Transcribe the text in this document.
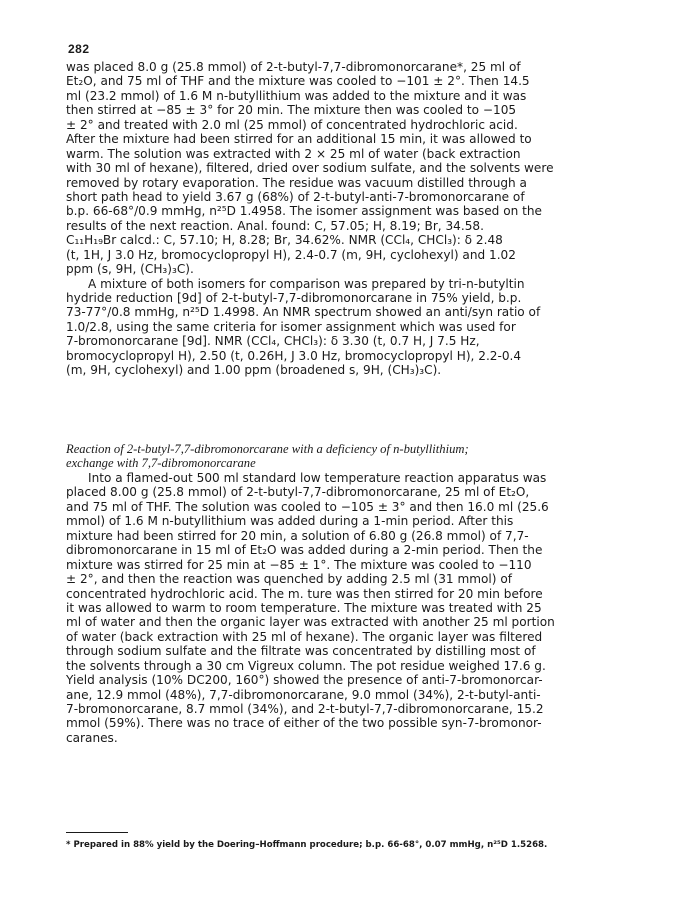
282
was placed 8.0 g (25.8 mmol) of 2-t-butyl-7,7-dibromonorcarane*, 25 ml of
Et₂O, and 75 ml of THF and the mixture was cooled to −101 ± 2°. Then 14.5
ml (23.2 mmol) of 1.6 M n-butyllithium was added to the mixture and it was
then stirred at −85 ± 3° for 20 min. The mixture then was cooled to −105
± 2° and treated with 2.0 ml (25 mmol) of concentrated hydrochloric acid.
After the mixture had been stirred for an additional 15 min, it was allowed to
warm. The solution was extracted with 2 × 25 ml of water (back extraction
with 30 ml of hexane), filtered, dried over sodium sulfate, and the solvents were
removed by rotary evaporation. The residue was vacuum distilled through a
short path head to yield 3.67 g (68%) of 2-t-butyl-anti-7-bromonorcarane of
b.p. 66-68°/0.9 mmHg, n²⁵D 1.4958. The isomer assignment was based on the
results of the next reaction. Anal. found: C, 57.05; H, 8.19; Br, 34.58.
C₁₁H₁₉Br calcd.: C, 57.10; H, 8.28; Br, 34.62%. NMR (CCl₄, CHCl₃): δ 2.48
(t, 1H, J 3.0 Hz, bromocyclopropyl H), 2.4-0.7 (m, 9H, cyclohexyl) and 1.02
ppm (s, 9H, (CH₃)₃C).
A mixture of both isomers for comparison was prepared by tri-n-butyltin
hydride reduction [9d] of 2-t-butyl-7,7-dibromonorcarane in 75% yield, b.p.
73-77°/0.8 mmHg, n²⁵D 1.4998. An NMR spectrum showed an anti/syn ratio of
1.0/2.8, using the same criteria for isomer assignment which was used for
7-bromonorcarane [9d]. NMR (CCl₄, CHCl₃): δ 3.30 (t, 0.7 H, J 7.5 Hz,
bromocyclopropyl H), 2.50 (t, 0.26H, J 3.0 Hz, bromocyclopropyl H), 2.2-0.4
(m, 9H, cyclohexyl) and 1.00 ppm (broadened s, 9H, (CH₃)₃C).
Reaction of 2-t-butyl-7,7-dibromonorcarane with a deficiency of n-butyllithium;
exchange with 7,7-dibromonorcarane
Into a flamed-out 500 ml standard low temperature reaction apparatus was
placed 8.00 g (25.8 mmol) of 2-t-butyl-7,7-dibromonorcarane, 25 ml of Et₂O,
and 75 ml of THF. The solution was cooled to −105 ± 3° and then 16.0 ml (25.6
mmol) of 1.6 M n-butyllithium was added during a 1-min period. After this
mixture had been stirred for 20 min, a solution of 6.80 g (26.8 mmol) of 7,7-
dibromonorcarane in 15 ml of Et₂O was added during a 2-min period. Then the
mixture was stirred for 25 min at −85 ± 1°. The mixture was cooled to −110
± 2°, and then the reaction was quenched by adding 2.5 ml (31 mmol) of
concentrated hydrochloric acid. The m. ture was then stirred for 20 min before
it was allowed to warm to room temperature. The mixture was treated with 25
ml of water and then the organic layer was extracted with another 25 ml portion
of water (back extraction with 25 ml of hexane). The organic layer was filtered
through sodium sulfate and the filtrate was concentrated by distilling most of
the solvents through a 30 cm Vigreux column. The pot residue weighed 17.6 g.
Yield analysis (10% DC200, 160°) showed the presence of anti-7-bromonorcar-
ane, 12.9 mmol (48%), 7,7-dibromonorcarane, 9.0 mmol (34%), 2-t-butyl-anti-
7-bromonorcarane, 8.7 mmol (34%), and 2-t-butyl-7,7-dibromonorcarane, 15.2
mmol (59%). There was no trace of either of the two possible syn-7-bromonor-
caranes.
* Prepared in 88% yield by the Doering–Hoffmann procedure; b.p. 66-68°, 0.07 mmHg, n²⁵D 1.5268.
